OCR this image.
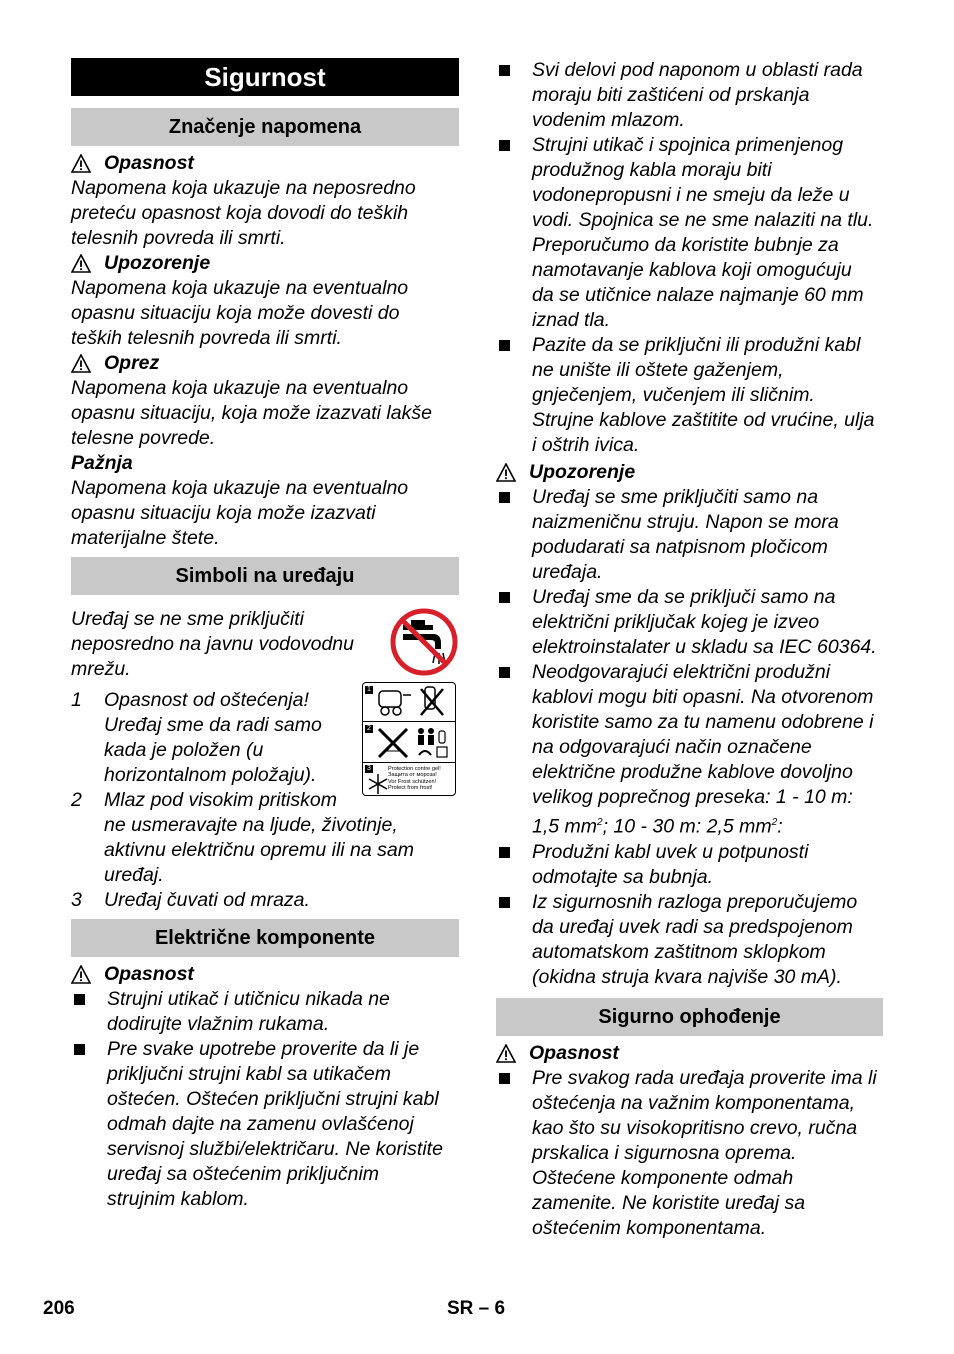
Sigurnost
Značenje napomena
Opasnost
Napomena koja ukazuje na neposredno
preteću opasnost koja dovodi do teških
telesnih povreda ili smrti.
Upozorenje
Napomena koja ukazuje na eventualno
opasnu situaciju koja može dovesti do
teških telesnih povreda ili smrti.
Oprez
Napomena koja ukazuje na eventualno
opasnu situaciju, koja može izazvati lakše
telesne povrede.
Pažnja
Napomena koja ukazuje na eventualno
opasnu situaciju koja može izazvati
materijalne štete.
Simboli na uređaju
Uređaj se ne sme priključiti
neposredno na javnu vodovodnu
mrežu.
1	Opasnost od oštećenja!
Uređaj sme da radi samo
kada je položen (u
horizontalnom položaju).
2	Mlaz pod visokim pritiskom
ne usmeravajte na ljude, životinje,
aktivnu električnu opremu ili na sam
uređaj.
3	Uređaj čuvati od mraza.
1
2
3	Protection contre gel!
Защита от мороза!
Vor Frost schützen!
Protect from frost!
Električne komponente
Opasnost
Strujni utikač i utičnicu nikada ne
dodirujte vlažnim rukama.
Pre svake upotrebe proverite da li je
priključni strujni kabl sa utikačem
oštećen. Oštećen priključni strujni kabl
odmah dajte na zamenu ovlašćenoj
servisnoj službi/električaru. Ne koristite
uređaj sa oštećenim priključnim
strujnim kablom.
Svi delovi pod naponom u oblasti rada
moraju biti zaštićeni od prskanja
vodenim mlazom.
Strujni utikač i spojnica primenjenog
produžnog kabla moraju biti
vodonepropusni i ne smeju da leže u
vodi. Spojnica se ne sme nalaziti na tlu.
Preporučumo da koristite bubnje za
namotavanje kablova koji omogućuju
da se utičnice nalaze najmanje 60 mm
iznad tla.
Pazite da se priključni ili produžni kabl
ne unište ili oštete gaženjem,
gnječenjem, vučenjem ili sličnim.
Strujne kablove zaštitite od vrućine, ulja
i oštrih ivica.
Upozorenje
Uređaj se sme priključiti samo na
naizmeničnu struju. Napon se mora
podudarati sa natpisnom pločicom
uređaja.
Uređaj sme da se priključi samo na
električni priključak kojeg je izveo
elektroinstalater u skladu sa IEC 60364.
Neodgovarajući električni produžni
kablovi mogu biti opasni. Na otvorenom
koristite samo za tu namenu odobrene i
na odgovarajući način označene
električne produžne kablove dovoljno
velikog poprečnog preseka: 1 - 10 m:
1,5 $mm^2$; 10 - 30 m: 2,5 $mm^2$:
Produžni kabl uvek u potpunosti
odmotajte sa bubnja.
Iz sigurnosnih razloga preporučujemo
da uređaj uvek radi sa predspojenom
automatskom zaštitnom sklopkom
(okidna struja kvara najviše 30 mA).
Sigurno ophođenje
Opasnost
Pre svakog rada uređaja proverite ima li
oštećenja na važnim komponentama,
kao što su visokopritisno crevo, ručna
prskalica i sigurnosna oprema.
Oštećene komponente odmah
zamenite. Ne koristite uređaj sa
oštećenim komponentama.
206	SR – 6
